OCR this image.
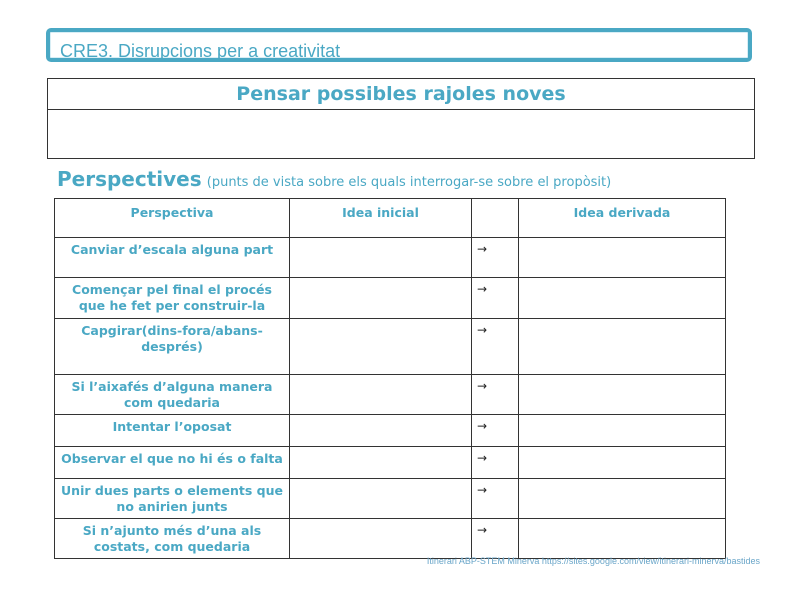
CRE3. Disrupcions per a creativitat
Pensar possibles rajoles noves

Perspectives (punts de vista sobre els quals interrogar-se sobre el propòsit)
Perspectiva	Idea inicial		Idea derivada
Canviar d’escala alguna part		→	
Començar pel final el procés que he fet per construir-la		→	
Capgirar(dins-fora/abans-després)		→	
Si l’aixafés d’alguna manera com quedaria		→	
Intentar l’oposat		→	
Observar el que no hi és o falta		→	
Unir dues parts o elements que no anirien junts		→	
Si n’ajunto més d’una als costats, com quedaria		→	
Itinerari ABP-STEM Minerva https://sites.google.com/view/itinerari-minerva/bastides
